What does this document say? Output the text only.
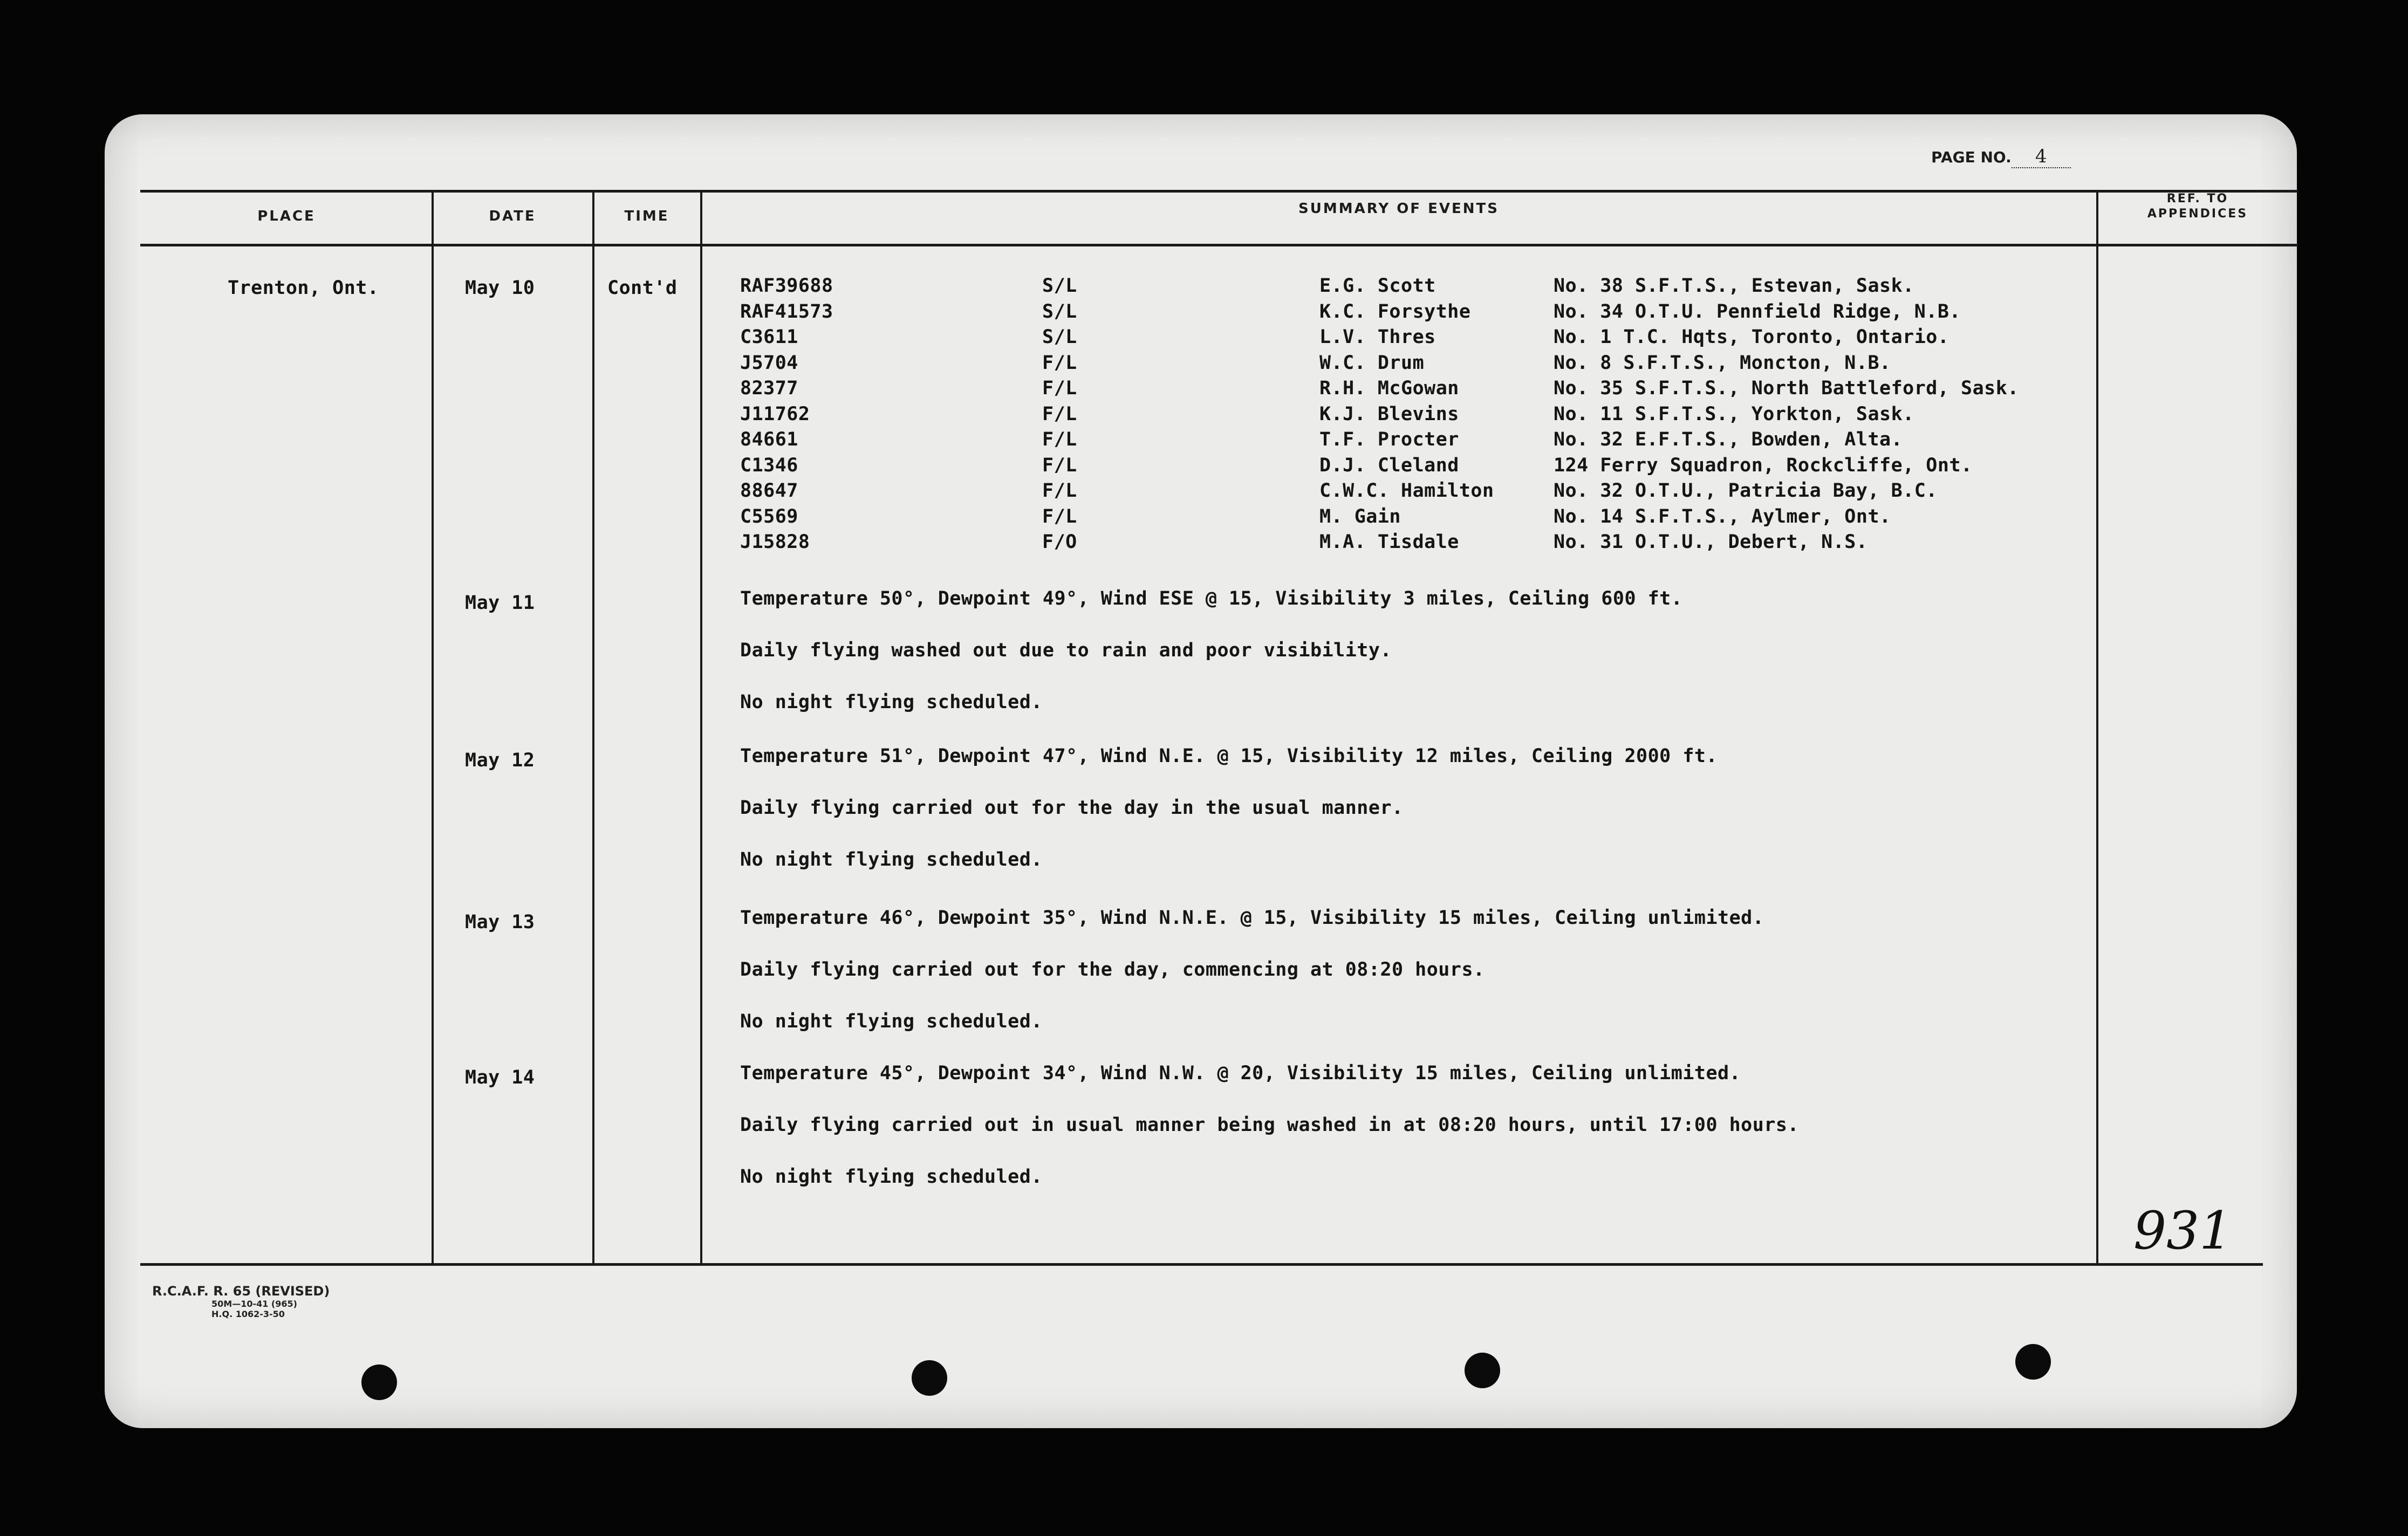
PAGE NO. 4
PLACE	DATE	TIME	SUMMARY OF EVENTS
REF. TO
APPENDICES
Trenton, Ont.	May 10	Cont'd	RAF39688	S/L	E.G. Scott	No. 38 S.F.T.S., Estevan, Sask.
RAF41573	S/L	K.C. Forsythe	No. 34 O.T.U. Pennfield Ridge, N.B.
C3611	S/L	L.V. Thres	No. 1 T.C. Hqts, Toronto, Ontario.
J5704	F/L	W.C. Drum	No. 8 S.F.T.S., Moncton, N.B.
82377	F/L	R.H. McGowan	No. 35 S.F.T.S., North Battleford, Sask.
J11762	F/L	K.J. Blevins	No. 11 S.F.T.S., Yorkton, Sask.
84661	F/L	T.F. Procter	No. 32 E.F.T.S., Bowden, Alta.
C1346	F/L	D.J. Cleland	124 Ferry Squadron, Rockcliffe, Ont.
88647	F/L	C.W.C. Hamilton	No. 32 O.T.U., Patricia Bay, B.C.
C5569	F/L	M. Gain	No. 14 S.F.T.S., Aylmer, Ont.
J15828	F/O	M.A. Tisdale	No. 31 O.T.U., Debert, N.S.
May 11	Temperature 50°, Dewpoint 49°, Wind ESE @ 15, Visibility 3 miles, Ceiling 600 ft.
Daily flying washed out due to rain and poor visibility.
No night flying scheduled.
May 12	Temperature 51°, Dewpoint 47°, Wind N.E. @ 15, Visibility 12 miles, Ceiling 2000 ft.
Daily flying carried out for the day in the usual manner.
No night flying scheduled.
May 13	Temperature 46°, Dewpoint 35°, Wind N.N.E. @ 15, Visibility 15 miles, Ceiling unlimited.
Daily flying carried out for the day, commencing at 08:20 hours.
No night flying scheduled.
May 14	Temperature 45°, Dewpoint 34°, Wind N.W. @ 20, Visibility 15 miles, Ceiling unlimited.
Daily flying carried out in usual manner being washed in at 08:20 hours, until 17:00 hours.
No night flying scheduled.

931
R.C.A.F. R. 65 (REVISED)
50M—10-41 (965)
H.Q. 1062-3-50
